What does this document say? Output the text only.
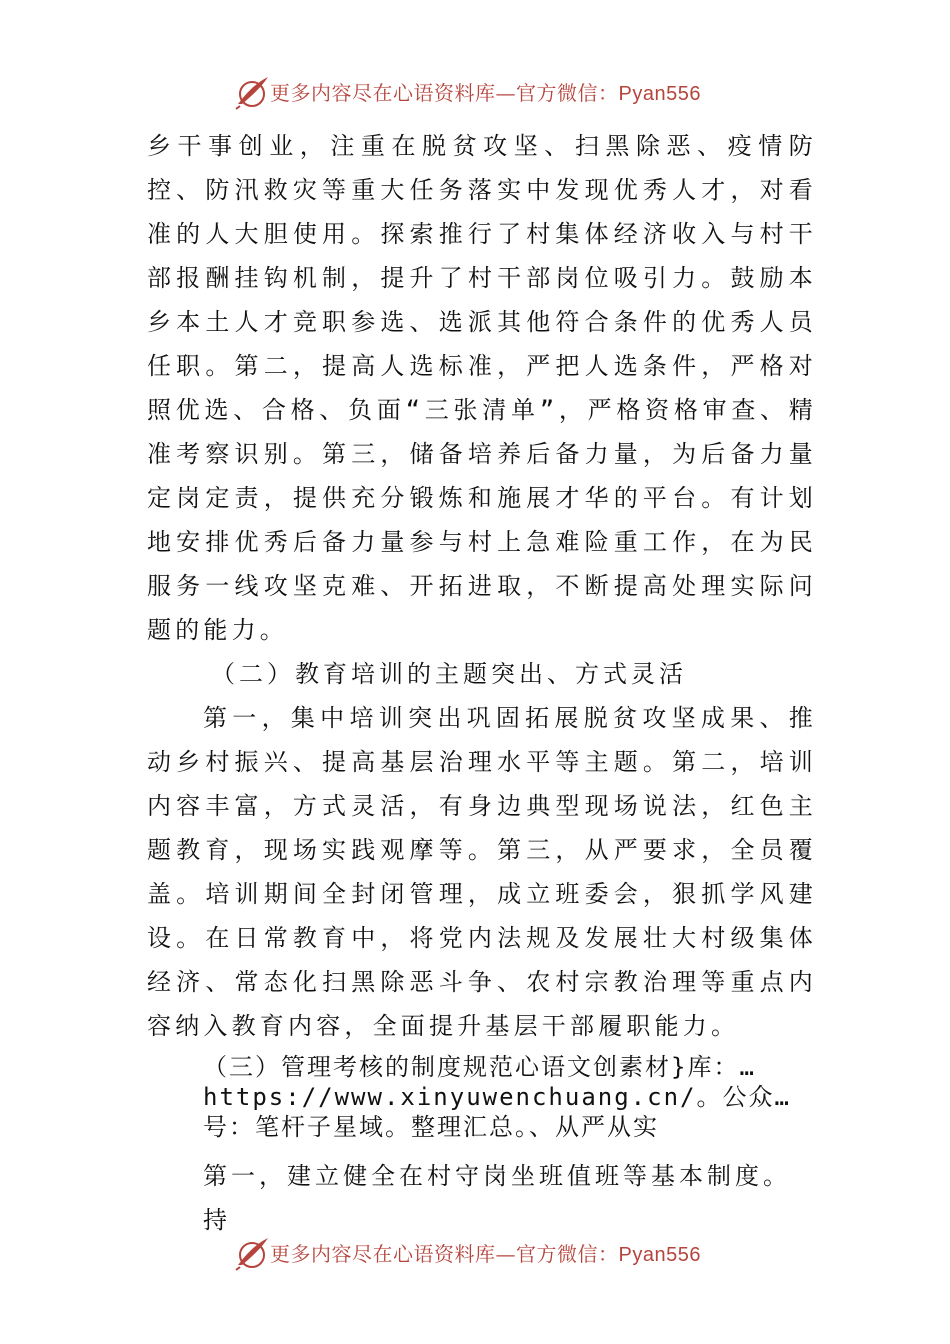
更多内容尽在心语资料库—官方微信：Pyan556

乡干事创业，注重在脱贫攻坚、扫黑除恶、疫情防控、防汛救灾等重大任务落实中发现优秀人才，对看准的人大胆使用。探索推行了村集体经济收入与村干部报酬挂钩机制，提升了村干部岗位吸引力。鼓励本乡本土人才竞职参选、选派其他符合条件的优秀人员任职。第二，提高人选标准，严把人选条件，严格对照优选、合格、负面“三张清单”，严格资格审查、精准考察识别。第三，储备培养后备力量，为后备力量定岗定责，提供充分锻炼和施展才华的平台。有计划地安排优秀后备力量参与村上急难险重工作，在为民服务一线攻坚克难、开拓进取，不断提高处理实际问题的能力。

（二）教育培训的主题突出、方式灵活

第一，集中培训突出巩固拓展脱贫攻坚成果、推动乡村振兴、提高基层治理水平等主题。第二，培训内容丰富，方式灵活，有身边典型现场说法，红色主题教育，现场实践观摩等。第三，从严要求，全员覆盖。培训期间全封闭管理，成立班委会，狠抓学风建设。在日常教育中，将党内法规及发展壮大村级集体经济、常态化扫黑除恶斗争、农村宗教治理等重点内容纳入教育内容，全面提升基层干部履职能力。

（三）管理考核的制度规范心语文创素材}库：…https://www.xinyuwenchuang.cn/。公众…号：笔杆子星域。整理汇总。、从严从实

第一，建立健全在村守岗坐班值班等基本制度。持

更多内容尽在心语资料库—官方微信：Pyan556
